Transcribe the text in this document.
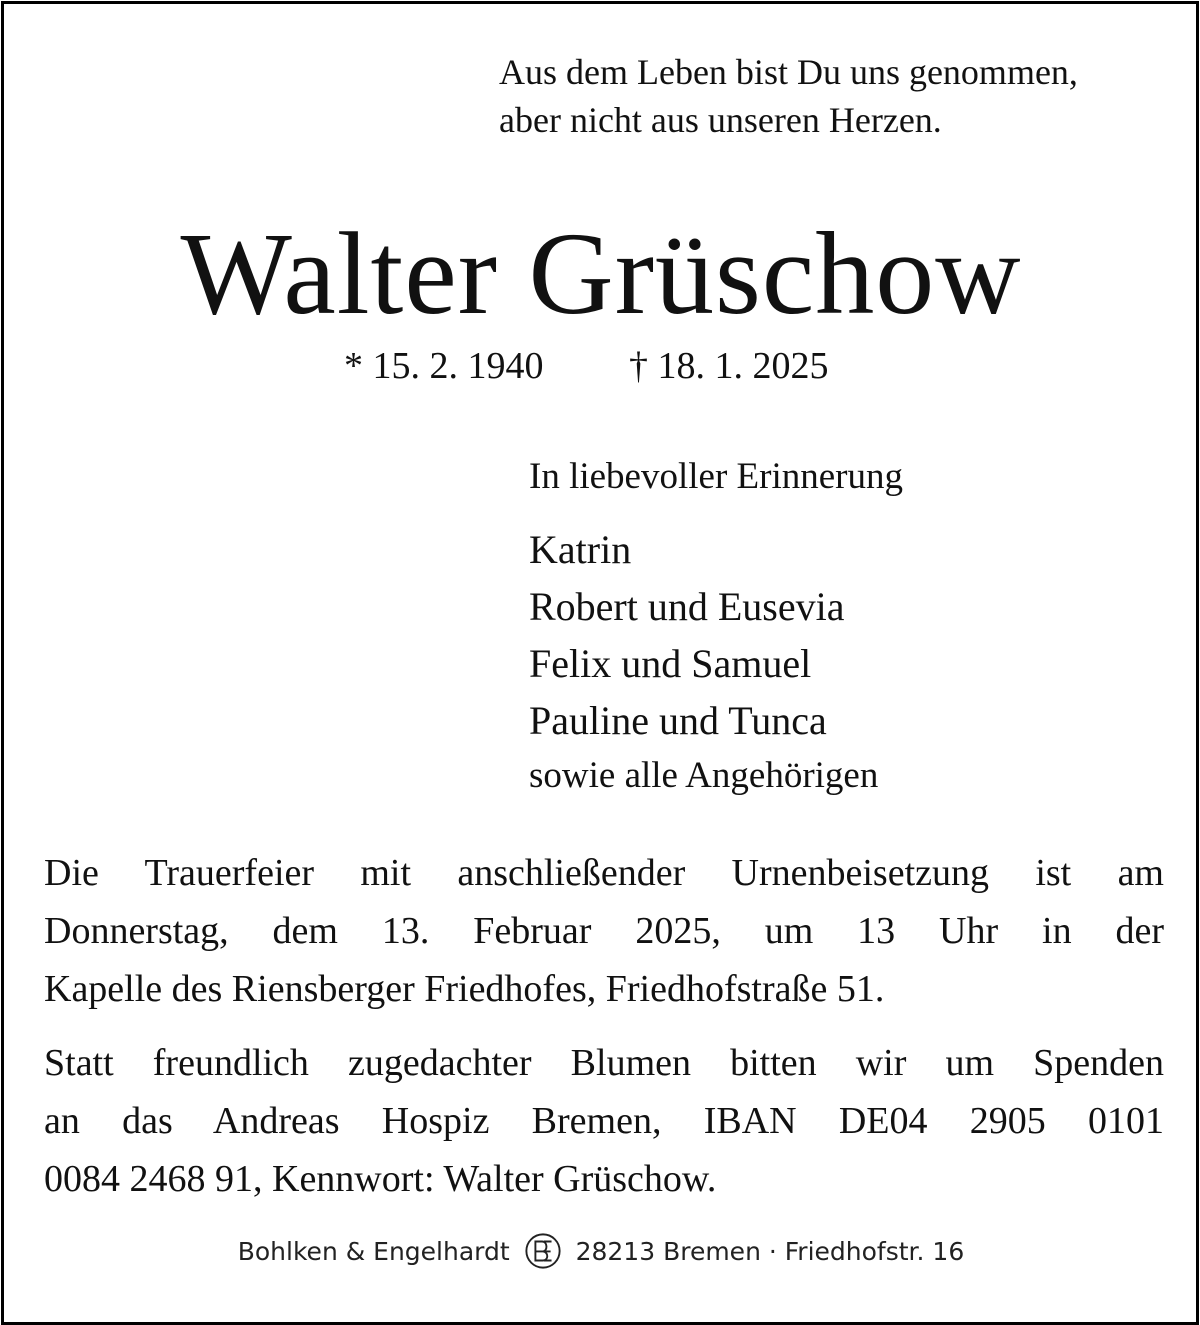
Aus dem Leben bist Du uns genommen,
aber nicht aus unseren Herzen.
Walter Grüschow
* 15. 2. 1940 † 18. 1. 2025
In liebevoller Erinnerung
Katrin
Robert und Eusevia
Felix und Samuel
Pauline und Tunca
sowie alle Angehörigen
Die Trauerfeier mit anschließender Urnenbeisetzung ist am
Donnerstag, dem 13. Februar 2025, um 13 Uhr in der
Kapelle des Riensberger Friedhofes, Friedhofstraße 51.
Statt freundlich zugedachter Blumen bitten wir um Spenden
an das Andreas Hospiz Bremen, IBAN DE04 2905 0101
0084 2468 91, Kennwort: Walter Grüschow.
Bohlken & Engelhardt	28213 Bremen · Friedhofstr. 16
